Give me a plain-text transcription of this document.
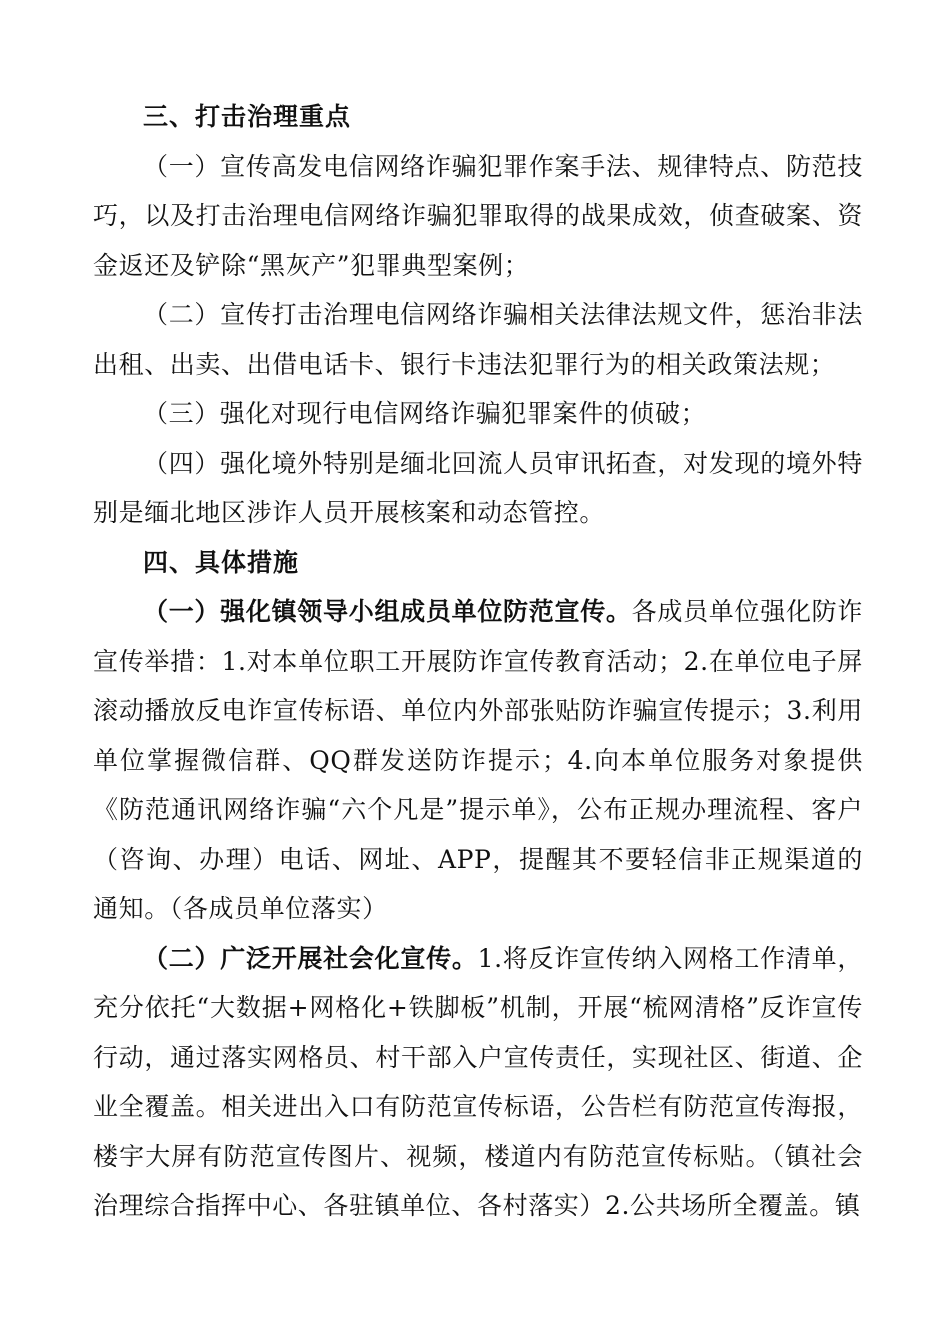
三、打击治理重点

（一）宣传高发电信网络诈骗犯罪作案手法、规律特点、防范技巧，以及打击治理电信网络诈骗犯罪取得的战果成效，侦查破案、资金返还及铲除“黑灰产”犯罪典型案例；

（二）宣传打击治理电信网络诈骗相关法律法规文件，惩治非法出租、出卖、出借电话卡、银行卡违法犯罪行为的相关政策法规；

（三）强化对现行电信网络诈骗犯罪案件的侦破；

（四）强化境外特别是缅北回流人员审讯拓查，对发现的境外特别是缅北地区涉诈人员开展核案和动态管控。

四、具体措施

（一）强化镇领导小组成员单位防范宣传。各成员单位强化防诈宣传举措：1.对本单位职工开展防诈宣传教育活动；2.在单位电子屏滚动播放反电诈宣传标语、单位内外部张贴防诈骗宣传提示；3.利用单位掌握微信群、QQ群发送防诈提示；4.向本单位服务对象提供《防范通讯网络诈骗“六个凡是”提示单》，公布正规办理流程、客户（咨询、办理）电话、网址、APP，提醒其不要轻信非正规渠道的通知。（各成员单位落实）

（二）广泛开展社会化宣传。1.将反诈宣传纳入网格工作清单，充分依托“大数据+网格化+铁脚板”机制，开展“梳网清格”反诈宣传行动，通过落实网格员、村干部入户宣传责任，实现社区、街道、企业全覆盖。相关进出入口有防范宣传标语，公告栏有防范宣传海报，楼宇大屏有防范宣传图片、视频，楼道内有防范宣传标贴。（镇社会治理综合指挥中心、各驻镇单位、各村落实）2.公共场所全覆盖。镇
